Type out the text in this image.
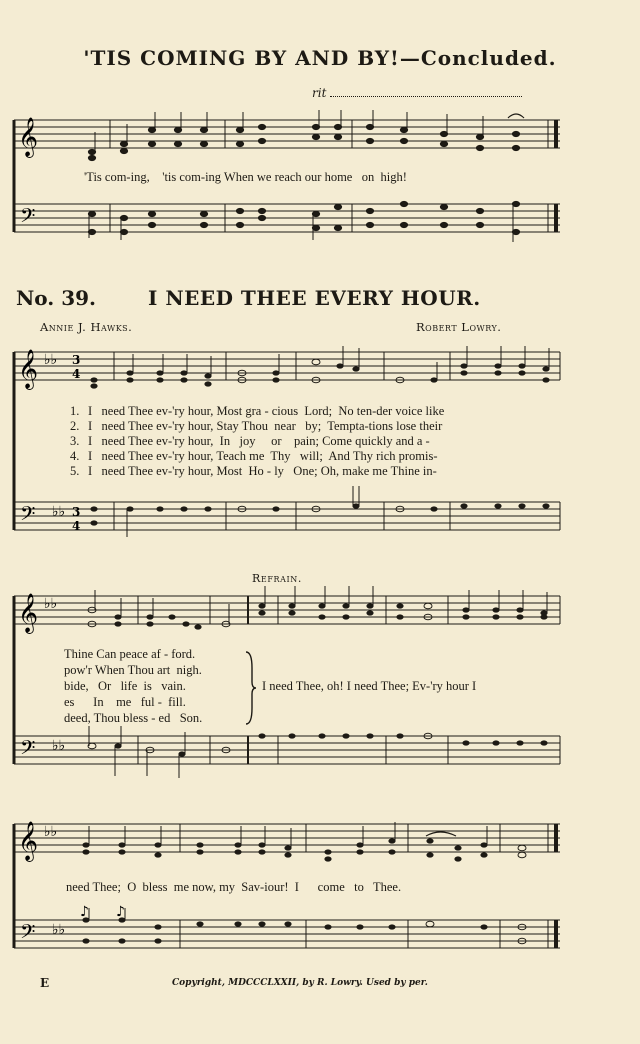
'TIS COMING BY AND BY!—Concluded.
rit
𝄞
𝄢
'Tis com-ing,    'tis com-ing When we reach our home   on  high!
No. 39.	I NEED THEE EVERY HOUR.
Annie J. Hawks.	Robert Lowry.
𝄞
𝄢
♭♭
♭♭
3
4
3
4
1. I   need Thee ev-'ry hour, Most gra - cious  Lord;  No ten-der voice like
2. I   need Thee ev-'ry hour, Stay Thou  near   by;  Tempta-tions lose their
3. I   need Thee ev-'ry hour,  In   joy     or    pain; Come quickly and a -
4. I   need Thee ev-'ry hour, Teach me  Thy   will;  And Thy rich promis-
5. I   need Thee ev-'ry hour, Most  Ho - ly   One; Oh, make me Thine in-
Refrain.
𝄞
𝄢
♭♭
♭♭
Thine Can peace af - ford.
pow'r When Thou art  nigh.
bide,   Or   life  is   vain.
es      In    me   ful -  fill.
deed, Thou bless - ed   Son.
I need Thee, oh! I need Thee; Ev-'ry hour I
𝄞
𝄢
♭♭
♭♭
♪ ♪
need Thee;  O  bless  me now, my  Sav-iour!  I      come   to   Thee.
E	Copyright, MDCCCLXXII, by R. Lowry. Used by per.
